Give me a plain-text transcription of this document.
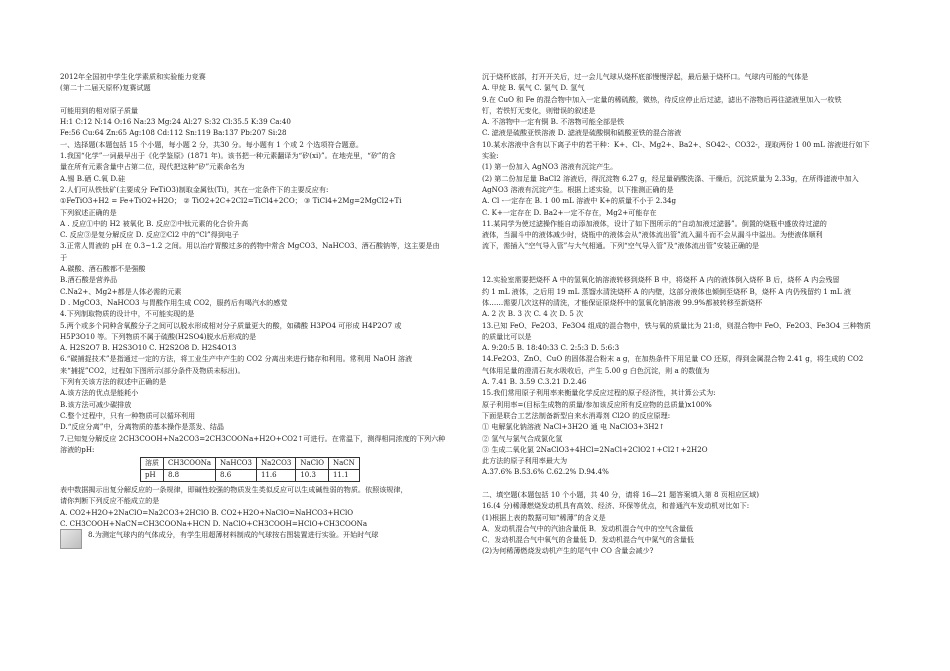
2012年全国初中学生化学素质和实验能力竞赛
(第二十二届天原杯)复赛试题
可能用到的相对原子质量
H:1 C:12 N:14 O:16 Na:23 Mg:24 Al:27 S:32 Cl:35.5 K:39 Ca:40
Fe:56 Cu:64 Zn:65 Ag:108 Cd:112 Sn:119 Ba:137 Pb:207 Si:28
一、选择题(本题包括 15 个小题，每小题 2 分，共30 分。每小题有 1 个或 2 个选项符合题意。
1.我国“化学”一词最早出于《化学鉴原》(1871 年)。该书把一种元素翻译为“矽(xi)”。在地壳里，“矽”的含
量在所有元素含量中占第二位，现代把这种“矽”元素命名为
A.锡 B.硒 C.氧 D.硅
2.人们可从铁钛矿(主要成分 FeTiO3)制取金属钛(Ti)，其在一定条件下的主要反应有:
①FeTiO3+H2 = Fe+TiO2+H2O； ② TiO2+2C+2Cl2=TiCl4+2CO； ③ TiCl4+2Mg=2MgCl2+Ti
下列叙述正确的是
A . 反应①中的 H2 被氧化 B. 反应②中钛元素的化合价升高
C. 反应③是复分解反应 D. 反应②Cl2 中的“Cl”得到电子
3.正常人胃液的 pH 在 0.3~1.2 之间。用以治疗胃酸过多的药物中常含 MgCO3、NaHCO3、酒石酸钠等，这主要是由
于
A.碳酸、酒石酸都不是强酸
B.酒石酸是营养品
C.Na2+、Mg2+都是人体必需的元素
D . MgCO3、NaHCO3 与胃酸作用生成 CO2，服药后有喝汽水的感觉
4.下列制取物质的设计中，不可能实现的是
5.两个或多个同种含氧酸分子之间可以脱水形成相对分子质量更大的酸，如磷酸 H3PO4 可形成 H4P2O7 或
H5P3O10 等。下列物质不属于硫酸(H2SO4)脱水后形成的是
A. H2S2O7 B. H2S3O10 C. H2S2O8 D. H2S4O13
6.“碳捕捉技术”是指通过一定的方法，将工业生产中产生的 CO2 分离出来进行储存和利用。常利用 NaOH 溶液
来“捕捉”CO2，过程如下图所示(部分条件及物质未标出)。
下列有关该方法的叙述中正确的是
A.该方法的优点是能耗小
B.该方法可减少碳排放
C.整个过程中，只有一种物质可以循环利用
D.“反应分离”中，分离物质的基本操作是蒸发、结晶
7.已知复分解反应 2CH3COOH+Na2CO3=2CH3COONa+H2O+CO2↑可进行。在常温下，测得相同浓度的下列六种
溶液的pH:
溶质	CH3COONa	NaHCO3	Na2CO3	NaClO	NaCN
pH	8.8	8.6	11.6	10.3	11.1
表中数据揭示出复分解反应的一条规律，即碱性较强的物质发生类似反应可以生成碱性弱的物质。依照该规律，
请你判断下列反应不能成立的是
A. CO2+H2O+2NaClO=Na2CO3+2HClO B. CO2+H2O+NaClO=NaHCO3+HClO
C. CH3COOH+NaCN=CH3COONa+HCN D. NaClO+CH3COOH=HClO+CH3COONa
8.为测定气球内的气体成分，有学生用超薄材料制成的气球按右图装置进行实验。开始时气球
沉于烧杯底部，打开开关后，过一会儿气球从烧杯底部慢慢浮起，最后悬于烧杯口。气球内可能的气体是
A. 甲烷 B. 氧气 C. 氯气 D. 氢气
9.在 CuO 和 Fe 的混合物中加入一定量的稀硫酸，微热，待反应停止后过滤，滤出不溶物后再往滤液里加入一枚铁
钉，若铁钉无变化，则错误的叙述是
A. 不溶物中一定有铜 B. 不溶物可能全部是铁
C. 滤液是硫酸亚铁溶液 D. 滤液是硫酸铜和硫酸亚铁的混合溶液
10.某水溶液中含有以下离子中的若干种：K+、Cl-、Mg2+、Ba2+、SO42-、CO32-，现取两份 1 00 mL 溶液进行如下
实验:
(1) 第一份加入 AgNO3 溶液有沉淀产生。
(2) 第二份加足量 BaCl2 溶液后，得沉淀物 6.27 g，经足量硝酸洗涤、干燥后，沉淀质量为 2.33g，在所得滤液中加入
AgNO3 溶液有沉淀产生。根据上述实验，以下推测正确的是
A. Cl -一定存在 B. 1 00 mL 溶液中 K+的质量不小于 2.34g
C. K+一定存在 D. Ba2+一定不存在，Mg2+可能存在
11.某同学为使过滤操作能自动添加液体，设计了如下图所示的“自动加液过滤器”。倒置的烧瓶中盛放待过滤的
液体，当漏斗中的液体减少时，烧瓶中的液体会从“液体流出管”流入漏斗而不会从漏斗中溢出。为使液体顺利
流下，需插入“空气导入管”与大气相通。下列“空气导入管”及“液体流出管”安装正确的是
12.实验室需要把烧杯 A 中的氢氧化钠溶液转移到烧杯 B 中，将烧杯 A 内的液体倒入烧杯 B 后，烧杯 A 内会残留
约 1 mL 液体，之后用 19 mL 蒸馏水清洗烧杯 A 的内壁，这部分液体也倾倒至烧杯 B，烧杯 A 内仍残留约 1 mL 液
体……需要几次这样的清洗，才能保证原烧杯中的氢氧化钠溶液 99.9%都被转移至新烧杯
A. 2 次 B. 3 次 C. 4 次 D. 5 次
13.已知 FeO、Fe2O3、Fe3O4 组成的混合物中，铁与氧的质量比为 21:8，则混合物中 FeO、Fe2O3、Fe3O4 三种物质
的质量比可以是
A. 9:20:5 B. 18:40:33 C. 2:5:3 D. 5:6:3
14.Fe2O3、ZnO、CuO 的固体混合粉末 a g，在加热条件下用足量 CO 还原，得到金属混合物 2.41 g，将生成的 CO2
气体用足量的澄清石灰水吸收后，产生 5.00 g 白色沉淀，则 a 的数值为
A. 7.41 B. 3.59 C.3.21 D.2.46
15.我们常用原子利用率来衡量化学反应过程的原子经济性，其计算公式为:
原子利用率=(目标生成物的质量/参加该反应所有反应物的总质量)x100%
下面是联合工艺法制备新型自来水消毒剂 Cl2O 的反应原理:
① 电解氯化钠溶液 NaCl+3H2O 通 电 NaClO3+3H2↑
② 氢气与氯气合成氯化氢
③ 生成二氧化氯 2NaClO3+4HCl=2NaCl+2ClO2↑+Cl2↑+2H2O
此方法的原子利用率最大为
A.37.6% B.53.6% C.62.2% D.94.4%
二、填空题(本题包括 10 个小题，共 40 分，请将 16—21 题答案填入第 8 页相应区域)
16.(4 分)稀薄燃烧发动机具有高效、经济、环保等优点，和普通汽车发动机对比如下:
(1)根据上表的数据可知“稀薄”的含义是
A．发动机混合气中的汽油含量低 B．发动机混合气中的空气含量低
C．发动机混合气中氧气的含量低 D．发动机混合气中氮气的含量低
(2)为何稀薄燃烧发动机产生的尾气中 CO 含量会减少?
